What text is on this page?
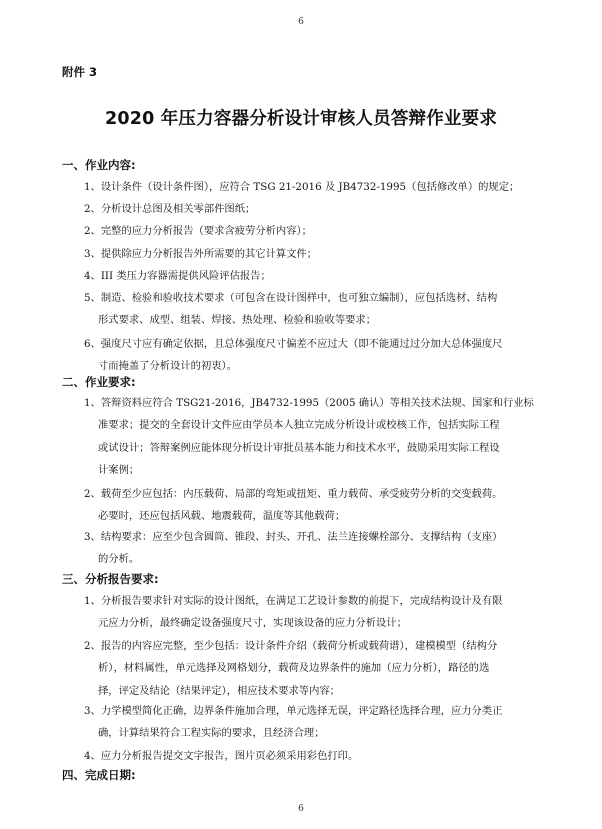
6
附件 3
2020 年压力容器分析设计审核人员答辩作业要求
一、作业内容:

1、设计条件（设计条件图），应符合 TSG 21-2016 及 JB4732-1995（包括修改单）的规定；

2、分析设计总图及相关零部件图纸；

2、完整的应力分析报告（要求含疲劳分析内容）；

3、提供除应力分析报告外所需要的其它计算文件；

4、III 类压力容器需提供风险评估报告；

5、制造、检验和验收技术要求（可包含在设计图样中，也可独立编制），应包括选材、结构

形式要求、成型、组装、焊接、热处理、检验和验收等要求；

6、强度尺寸应有确定依据，且总体强度尺寸偏差不应过大（即不能通过过分加大总体强度尺

寸而掩盖了分析设计的初衷）。

二、作业要求:

1、答辩资料应符合 TSG21-2016，JB4732-1995（2005 确认）等相关技术法规、国家和行业标

准要求；提交的全套设计文件应由学员本人独立完成分析设计或校核工作，包括实际工程

或试设计；答辩案例应能体现分析设计审批员基本能力和技术水平，鼓励采用实际工程设

计案例；

2、载荷至少应包括：内压载荷、局部的弯矩或扭矩、重力载荷、承受疲劳分析的交变载荷。

必要时，还应包括风载、地震载荷，温度等其他载荷；

3、结构要求：应至少包含圆筒、锥段、封头、开孔、法兰连接螺栓部分、支撑结构（支座）

的分析。

三、分析报告要求:

1、分析报告要求针对实际的设计图纸，在满足工艺设计参数的前提下，完成结构设计及有限

元应力分析，最终确定设备强度尺寸，实现该设备的应力分析设计；

2、报告的内容应完整，至少包括：设计条件介绍（载荷分析或载荷谱），建模模型（结构分

析），材料属性，单元选择及网格划分，载荷及边界条件的施加（应力分析），路径的选

择，评定及结论（结果评定），相应技术要求等内容；

3、力学模型简化正确，边界条件施加合理，单元选择无误，评定路径选择合理，应力分类正

确，计算结果符合工程实际的要求，且经济合理；

4、应力分析报告提交文字报告，图片页必须采用彩色打印。

四、完成日期:
6
